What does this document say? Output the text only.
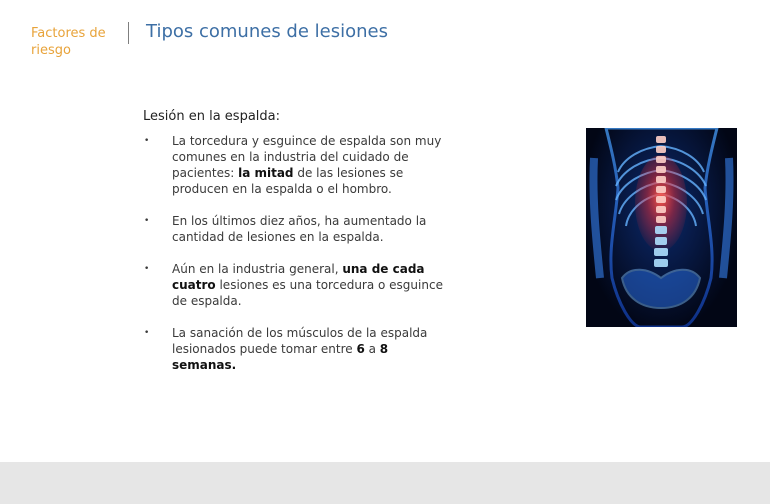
Factores de riesgo
Tipos comunes de lesiones
Lesión en la espalda:
•	La torcedura y esguince de espalda son muy comunes en la industria del cuidado de pacientes: la mitad de las lesiones se producen en la espalda o el hombro.
•	En los últimos diez años, ha aumentado la cantidad de lesiones en la espalda.
•	Aún en la industria general, una de cada cuatro lesiones es una torcedura o esguince de espalda.
•	La sanación de los músculos de la espalda lesionados puede tomar entre 6 a 8 semanas.
